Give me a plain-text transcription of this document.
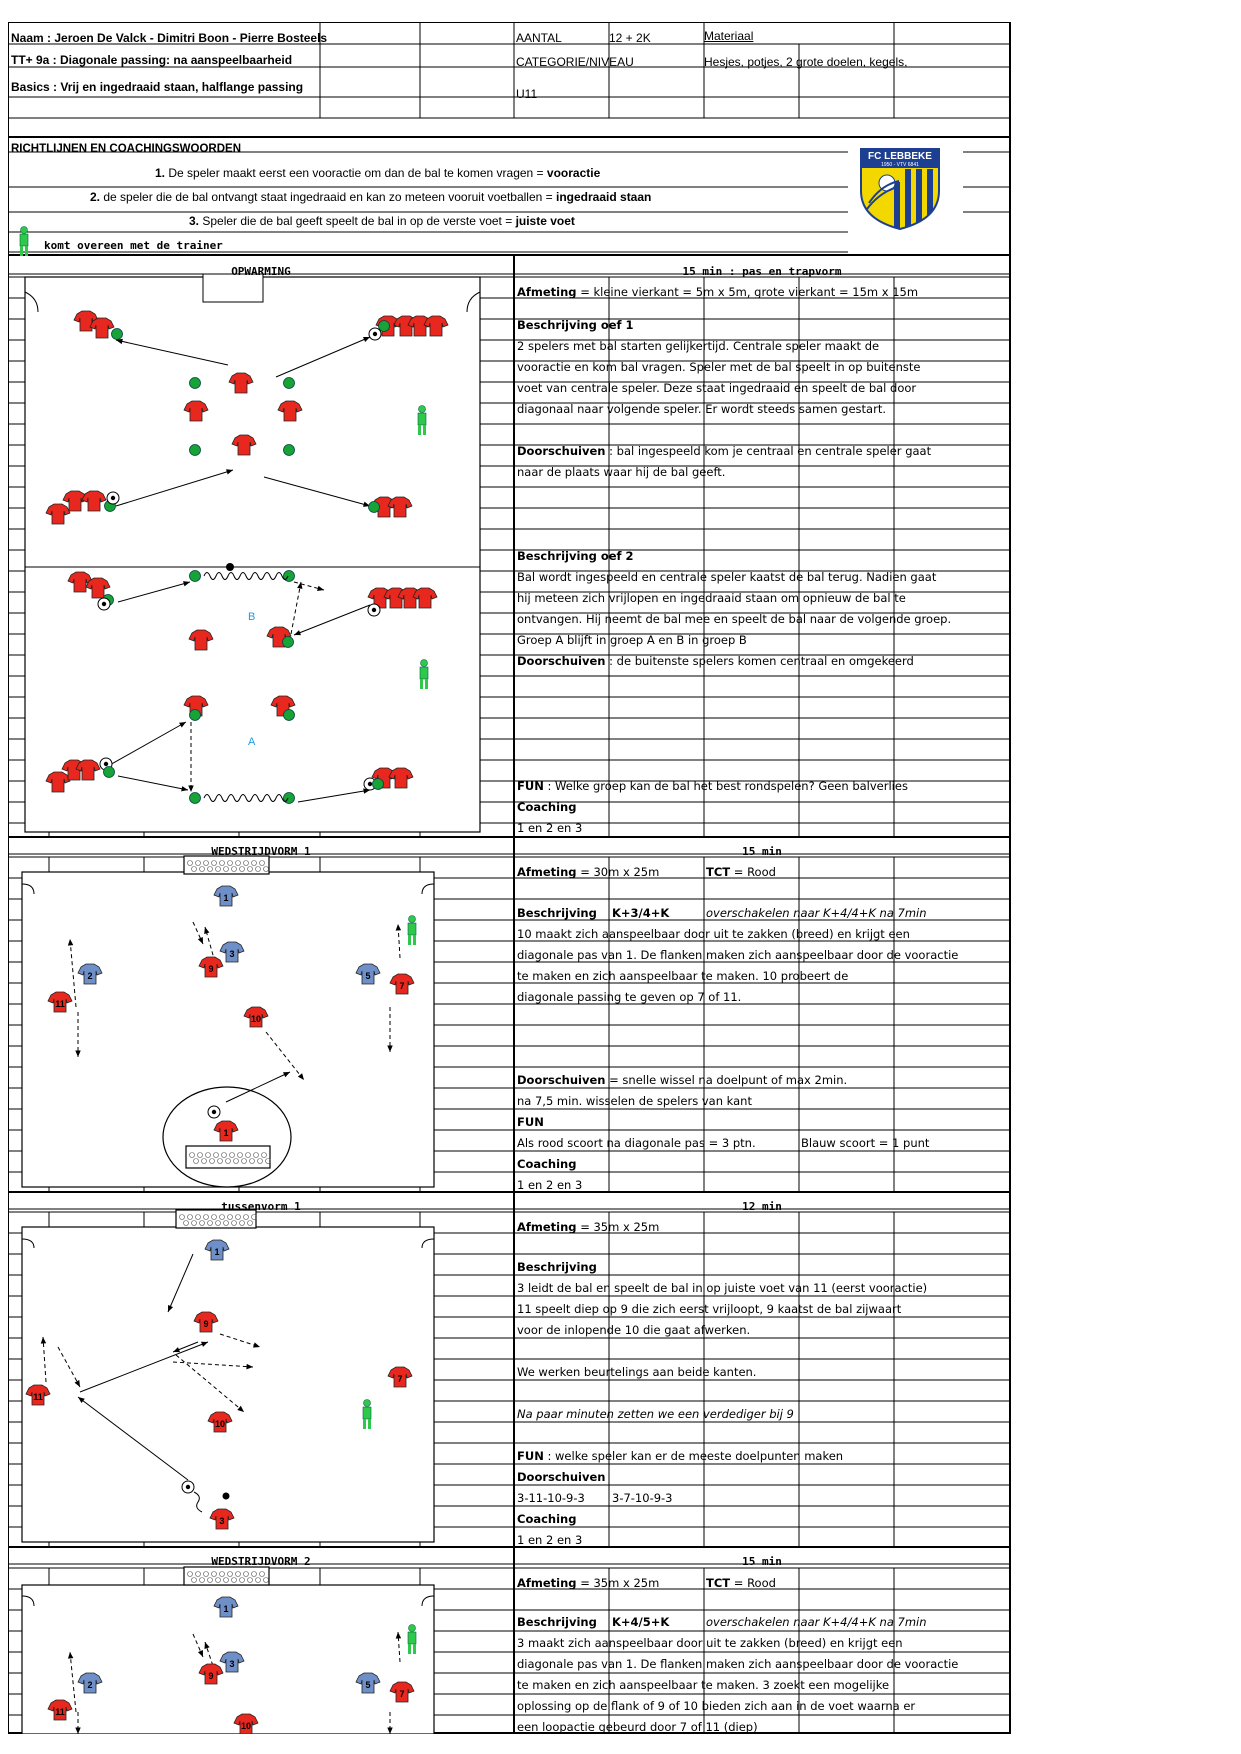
B
A
1
3
9
2
11
5
7
10
1
1
9
7
11
10
3
1
3
9
2
11
5
7
10
Naam : Jeroen De Valck - Dimitri Boon - Pierre Bosteels
TT+ 9a : Diagonale passing: na aanspeelbaarheid
Basics : Vrij en ingedraaid staan, halflange passing
AANTAL	12 + 2K	Materiaal
CATEGORIE/NIVEAU	Hesjes, potjes, 2 grote doelen, kegels,
U11
RICHTLIJNEN EN COACHINGSWOORDEN
1. De speler maakt eerst een vooractie om dan de bal te komen vragen = vooractie
2. de speler die de bal ontvangt staat ingedraaid en kan zo meteen vooruit voetballen = ingedraaid staan
3. Speler die de bal geeft speelt de bal in op de verste voet = juiste voet
komt overeen met de trainer
FC LEBBEKE
1950 - VTV 6841
OPWARMING	15 min : pas en trapvorm
Afmeting = kleine vierkant = 5m x 5m, grote vierkant = 15m x 15m
Beschrijving oef 1
2 spelers met bal starten gelijkertijd. Centrale speler maakt de
vooractie en kom bal vragen. Speler met de bal speelt in op buitenste
voet van centrale speler. Deze staat ingedraaid en speelt de bal door
diagonaal naar volgende speler. Er wordt steeds samen gestart.
Doorschuiven : bal ingespeeld kom je centraal en centrale speler gaat
naar de plaats waar hij de bal geeft.
Beschrijving oef 2
Bal wordt ingespeeld en centrale speler kaatst de bal terug. Nadien gaat
hij meteen zich vrijlopen en ingedraaid staan om opnieuw de bal te
ontvangen. Hij neemt de bal mee en speelt de bal naar de volgende groep.
Groep A blijft in groep A en B in groep B
Doorschuiven : de buitenste spelers komen centraal en omgekeerd
FUN : Welke groep kan de bal het best rondspelen? Geen balverlies
Coaching
1 en 2 en 3
WEDSTRIJDVORM 1	15 min
Afmeting = 30m x 25m	TCT = Rood
Beschrijving K+3/4+K	overschakelen naar K+4/4+K na 7min
10 maakt zich aanspeelbaar door uit te zakken (breed) en krijgt een
diagonale pas van 1. De flanken maken zich aanspeelbaar door de vooractie
te maken en zich aanspeelbaar te maken. 10 probeert de
diagonale passing te geven op 7 of 11.
Doorschuiven = snelle wissel na doelpunt of max 2min.
na 7,5 min. wisselen de spelers van kant
FUN
Als rood scoort na diagonale pas = 3 ptn.	Blauw scoort = 1 punt
Coaching
1 en 2 en 3
tussenvorm 1	12 min
Afmeting = 35m x 25m
Beschrijving
3 leidt de bal en speelt de bal in op juiste voet van 11 (eerst vooractie)
11 speelt diep op 9 die zich eerst vrijloopt, 9 kaatst de bal zijwaart
voor de inlopende 10 die gaat afwerken.
We werken beurtelings aan beide kanten.
Na paar minuten zetten we een verdediger bij 9
FUN : welke speler kan er de meeste doelpunten maken
Doorschuiven
3-11-10-9-3 3-7-10-9-3
Coaching
1 en 2 en 3
WEDSTRIJDVORM 2	15 min
Afmeting = 35m x 25m	TCT = Rood
Beschrijving K+4/5+K	overschakelen naar K+4/4+K na 7min
3 maakt zich aanspeelbaar door uit te zakken (breed) en krijgt een
diagonale pas van 1. De flanken maken zich aanspeelbaar door de vooractie
te maken en zich aanspeelbaar te maken. 3 zoekt een mogelijke
oplossing op de flank of 9 of 10 bieden zich aan in de voet waarna er
een loopactie gebeurd door 7 of 11 (diep)
